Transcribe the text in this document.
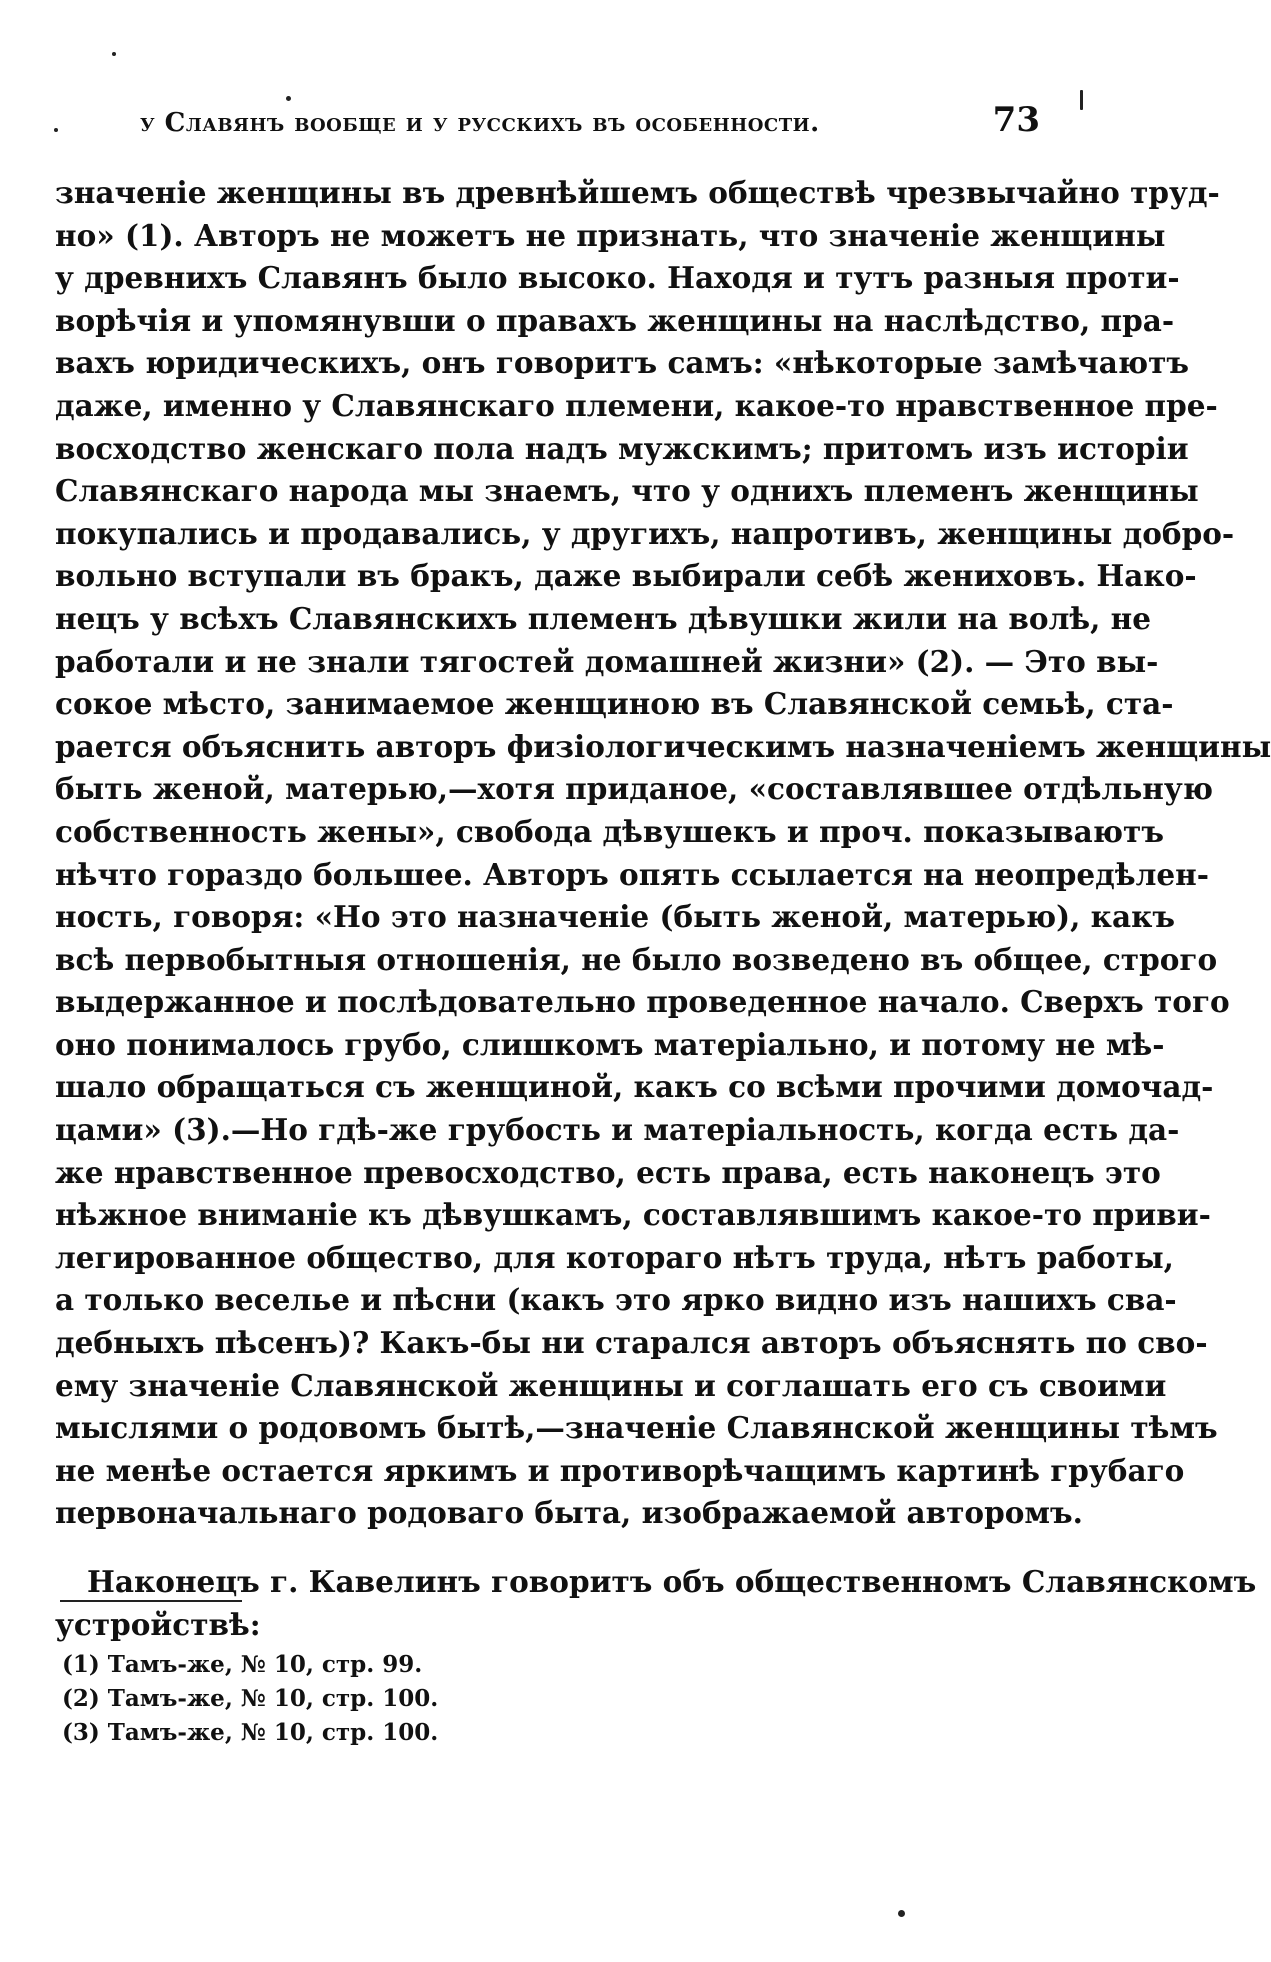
у Славянъ вообще и у русскихъ въ особенности.	73
значеніе женщины въ древнѣйшемъ обществѣ чрезвычайно труд-
но» (1). Авторъ не можетъ не признать, что значеніе женщины
у древнихъ Славянъ было высоко. Находя и тутъ разныя проти-
ворѣчія и упомянувши о правахъ женщины на наслѣдство, пра-
вахъ юридическихъ, онъ говоритъ самъ: «нѣкоторые замѣчаютъ
даже, именно у Славянскаго племени, какое-то нравственное пре-
восходство женскаго пола надъ мужскимъ; притомъ изъ исторіи
Славянскаго народа мы знаемъ, что у однихъ племенъ женщины
покупались и продавались, у другихъ, напротивъ, женщины добро-
вольно вступали въ бракъ, даже выбирали себѣ жениховъ. Нако-
нецъ у всѣхъ Славянскихъ племенъ дѣвушки жили на волѣ, не
работали и не знали тягостей домашней жизни» (2). — Это вы-
сокое мѣсто, занимаемое женщиною въ Славянской семьѣ, ста-
рается объяснить авторъ физіологическимъ назначеніемъ женщины
быть женой, матерью,—хотя приданое, «составлявшее отдѣльную
собственность жены», свобода дѣвушекъ и проч. показываютъ
нѣчто гораздо большее. Авторъ опять ссылается на неопредѣлен-
ность, говоря: «Но это назначеніе (быть женой, матерью), какъ
всѣ первобытныя отношенія, не было возведено въ общее, строго
выдержанное и послѣдовательно проведенное начало. Сверхъ того
оно понималось грубо, слишкомъ матеріально, и потому не мѣ-
шало обращаться съ женщиной, какъ со всѣми прочими домочад-
цами» (3).—Но гдѣ-же грубость и матеріальность, когда есть да-
же нравственное превосходство, есть права, есть наконецъ это
нѣжное вниманіе къ дѣвушкамъ, составлявшимъ какое-то приви-
легированное общество, для котораго нѣтъ труда, нѣтъ работы,
а только веселье и пѣсни (какъ это ярко видно изъ нашихъ сва-
дебныхъ пѣсенъ)? Какъ-бы ни старался авторъ объяснять по сво-
ему значеніе Славянской женщины и соглашать его съ своими
мыслями о родовомъ бытѣ,—значеніе Славянской женщины тѣмъ
не менѣе остается яркимъ и противорѣчащимъ картинѣ грубаго
первоначальнаго родоваго быта, изображаемой авторомъ.
Наконецъ г. Кавелинъ говоритъ объ общественномъ Славянскомъ
устройствѣ:
(1) Тамъ-же, № 10, стр. 99.
(2) Тамъ-же, № 10, стр. 100.
(3) Тамъ-же, № 10, стр. 100.
